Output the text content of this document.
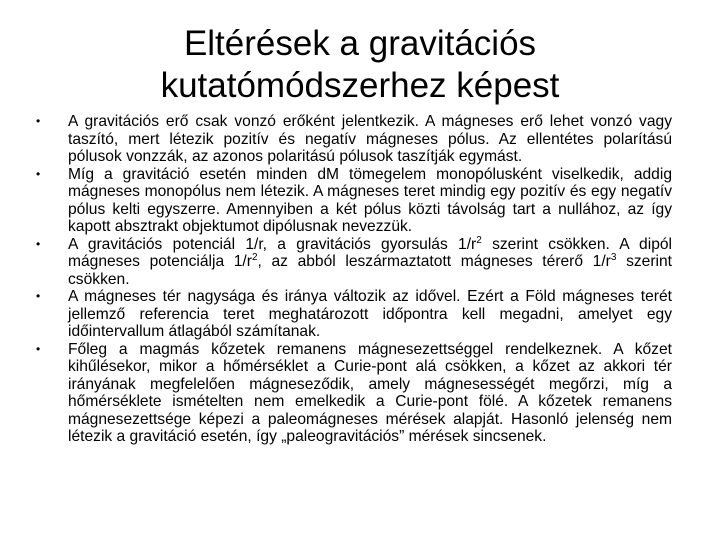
Eltérések a gravitációs
kutatómódszerhez képest
•	A gravitációs erő csak vonzó erőként jelentkezik. A mágneses erő lehet vonzó vagy taszító, mert létezik pozitív és negatív mágneses pólus. Az ellentétes polarítású pólusok vonzzák, az azonos polaritású pólusok taszítják egymást.
•	Míg a gravitáció esetén minden dM tömegelem monopólusként viselkedik, addig mágneses monopólus nem létezik. A mágneses teret mindig egy pozitív és egy negatív pólus kelti egyszerre. Amennyiben a két pólus közti távolság tart a nullához, az így kapott absztrakt objektumot dipólusnak nevezzük.
•	A gravitációs potenciál 1/r, a gravitációs gyorsulás $1/r^2$ szerint csökken. A dipól mágneses potenciálja $1/r^2$, az abból leszármaztatott mágneses térerő $1/r^3$ szerint csökken.
•	A mágneses tér nagysága és iránya változik az idővel. Ezért a Föld mágneses terét jellemző referencia teret meghatározott időpontra kell megadni, amelyet egy időintervallum átlagából számítanak.
•	Főleg a magmás kőzetek remanens mágnesezettséggel rendelkeznek. A kőzet kihűlésekor, mikor a hőmérséklet a Curie-pont alá csökken, a kőzet az akkori tér irányának megfelelően mágneseződik, amely mágnesességét megőrzi, míg a hőmérséklete ismételten nem emelkedik a Curie-pont fölé. A kőzetek remanens mágnesezettsége képezi a paleomágneses mérések alapját. Hasonló jelenség nem létezik a gravitáció esetén, így „paleogravitációs” mérések sincsenek.
